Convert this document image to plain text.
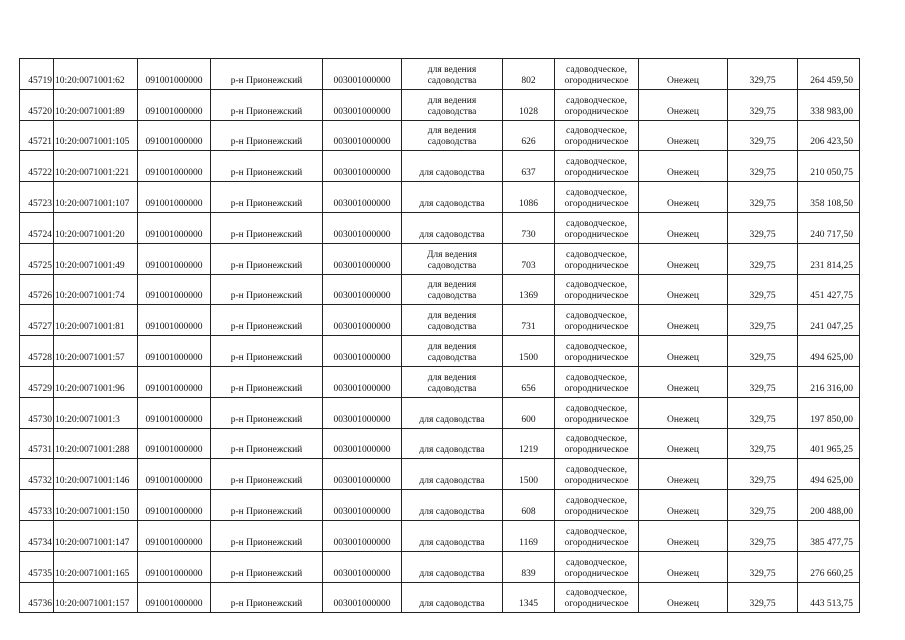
45719	10:20:0071001:62	091001000000	р-н Прионежский	003001000000	для ведения садоводства	802	садоводческое, огородническое	Онежец	329,75	264 459,50
45720	10:20:0071001:89	091001000000	р-н Прионежский	003001000000	для ведения садоводства	1028	садоводческое, огородническое	Онежец	329,75	338 983,00
45721	10:20:0071001:105	091001000000	р-н Прионежский	003001000000	для ведения садоводства	626	садоводческое, огородническое	Онежец	329,75	206 423,50
45722	10:20:0071001:221	091001000000	р-н Прионежский	003001000000	для садоводства	637	садоводческое, огородническое	Онежец	329,75	210 050,75
45723	10:20:0071001:107	091001000000	р-н Прионежский	003001000000	для садоводства	1086	садоводческое, огородническое	Онежец	329,75	358 108,50
45724	10:20:0071001:20	091001000000	р-н Прионежский	003001000000	для садоводства	730	садоводческое, огородническое	Онежец	329,75	240 717,50
45725	10:20:0071001:49	091001000000	р-н Прионежский	003001000000	Для ведения садоводства	703	садоводческое, огородническое	Онежец	329,75	231 814,25
45726	10:20:0071001:74	091001000000	р-н Прионежский	003001000000	для ведения садоводства	1369	садоводческое, огородническое	Онежец	329,75	451 427,75
45727	10:20:0071001:81	091001000000	р-н Прионежский	003001000000	для ведения садоводства	731	садоводческое, огородническое	Онежец	329,75	241 047,25
45728	10:20:0071001:57	091001000000	р-н Прионежский	003001000000	для ведения садоводства	1500	садоводческое, огородническое	Онежец	329,75	494 625,00
45729	10:20:0071001:96	091001000000	р-н Прионежский	003001000000	для ведения садоводства	656	садоводческое, огородническое	Онежец	329,75	216 316,00
45730	10:20:0071001:3	091001000000	р-н Прионежский	003001000000	для садоводства	600	садоводческое, огородническое	Онежец	329,75	197 850,00
45731	10:20:0071001:288	091001000000	р-н Прионежский	003001000000	для садоводства	1219	садоводческое, огородническое	Онежец	329,75	401 965,25
45732	10:20:0071001:146	091001000000	р-н Прионежский	003001000000	для садоводства	1500	садоводческое, огородническое	Онежец	329,75	494 625,00
45733	10:20:0071001:150	091001000000	р-н Прионежский	003001000000	для садоводства	608	садоводческое, огородническое	Онежец	329,75	200 488,00
45734	10:20:0071001:147	091001000000	р-н Прионежский	003001000000	для садоводства	1169	садоводческое, огородническое	Онежец	329,75	385 477,75
45735	10:20:0071001:165	091001000000	р-н Прионежский	003001000000	для садоводства	839	садоводческое, огородническое	Онежец	329,75	276 660,25
45736	10:20:0071001:157	091001000000	р-н Прионежский	003001000000	для садоводства	1345	садоводческое, огородническое	Онежец	329,75	443 513,75
